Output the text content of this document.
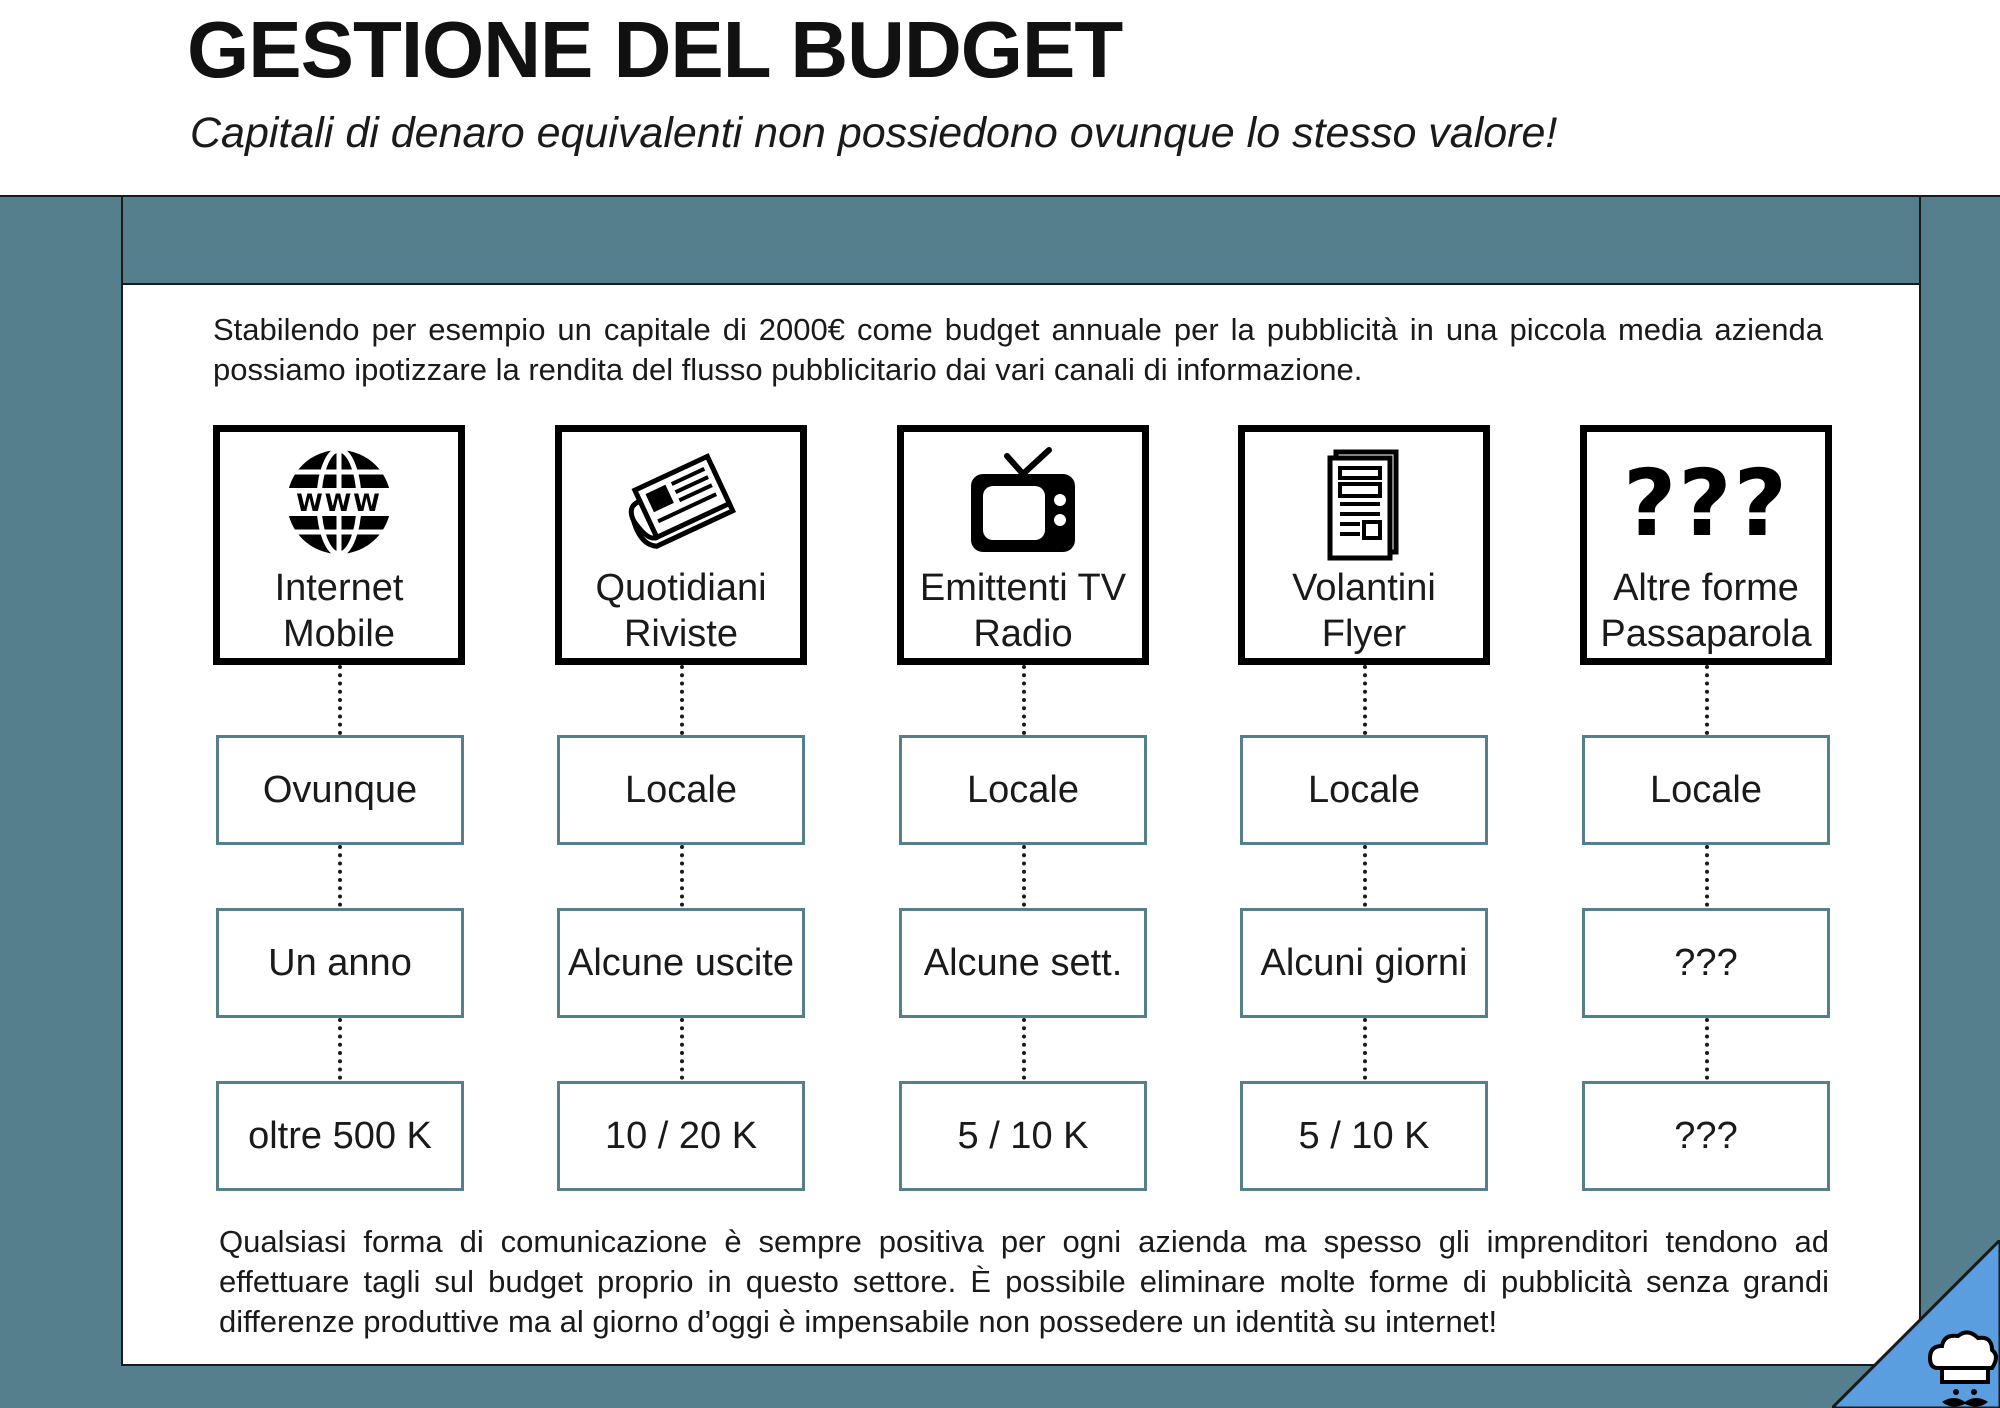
GESTIONE DEL BUDGET

Capitali di denaro equivalenti non possiedono ovunque lo stesso valore!

Stabilendo per esempio un capitale di 2000€ come budget annuale per la pubblicità in una piccola media azienda possiamo ipotizzare la rendita del flusso pubblicitario dai vari canali di informazione.

WWW
Internet
Mobile
Quotidiani
Riviste
Emittenti TV
Radio
Volantini
Flyer
???
Altre forme
Passaparola
Ovunque	Locale	Locale	Locale	Locale
Un anno	Alcune uscite	Alcune sett.	Alcuni giorni	???
oltre 500 K	10 / 20 K	5 / 10 K	5 / 10 K	???

Qualsiasi forma di comunicazione è sempre positiva per ogni azienda ma spesso gli imprenditori tendono ad effettuare tagli sul budget proprio in questo settore. È possibile eliminare molte forme di pubblicità senza grandi differenze produttive ma al giorno d’oggi è impensabile non possedere un identità su internet!
